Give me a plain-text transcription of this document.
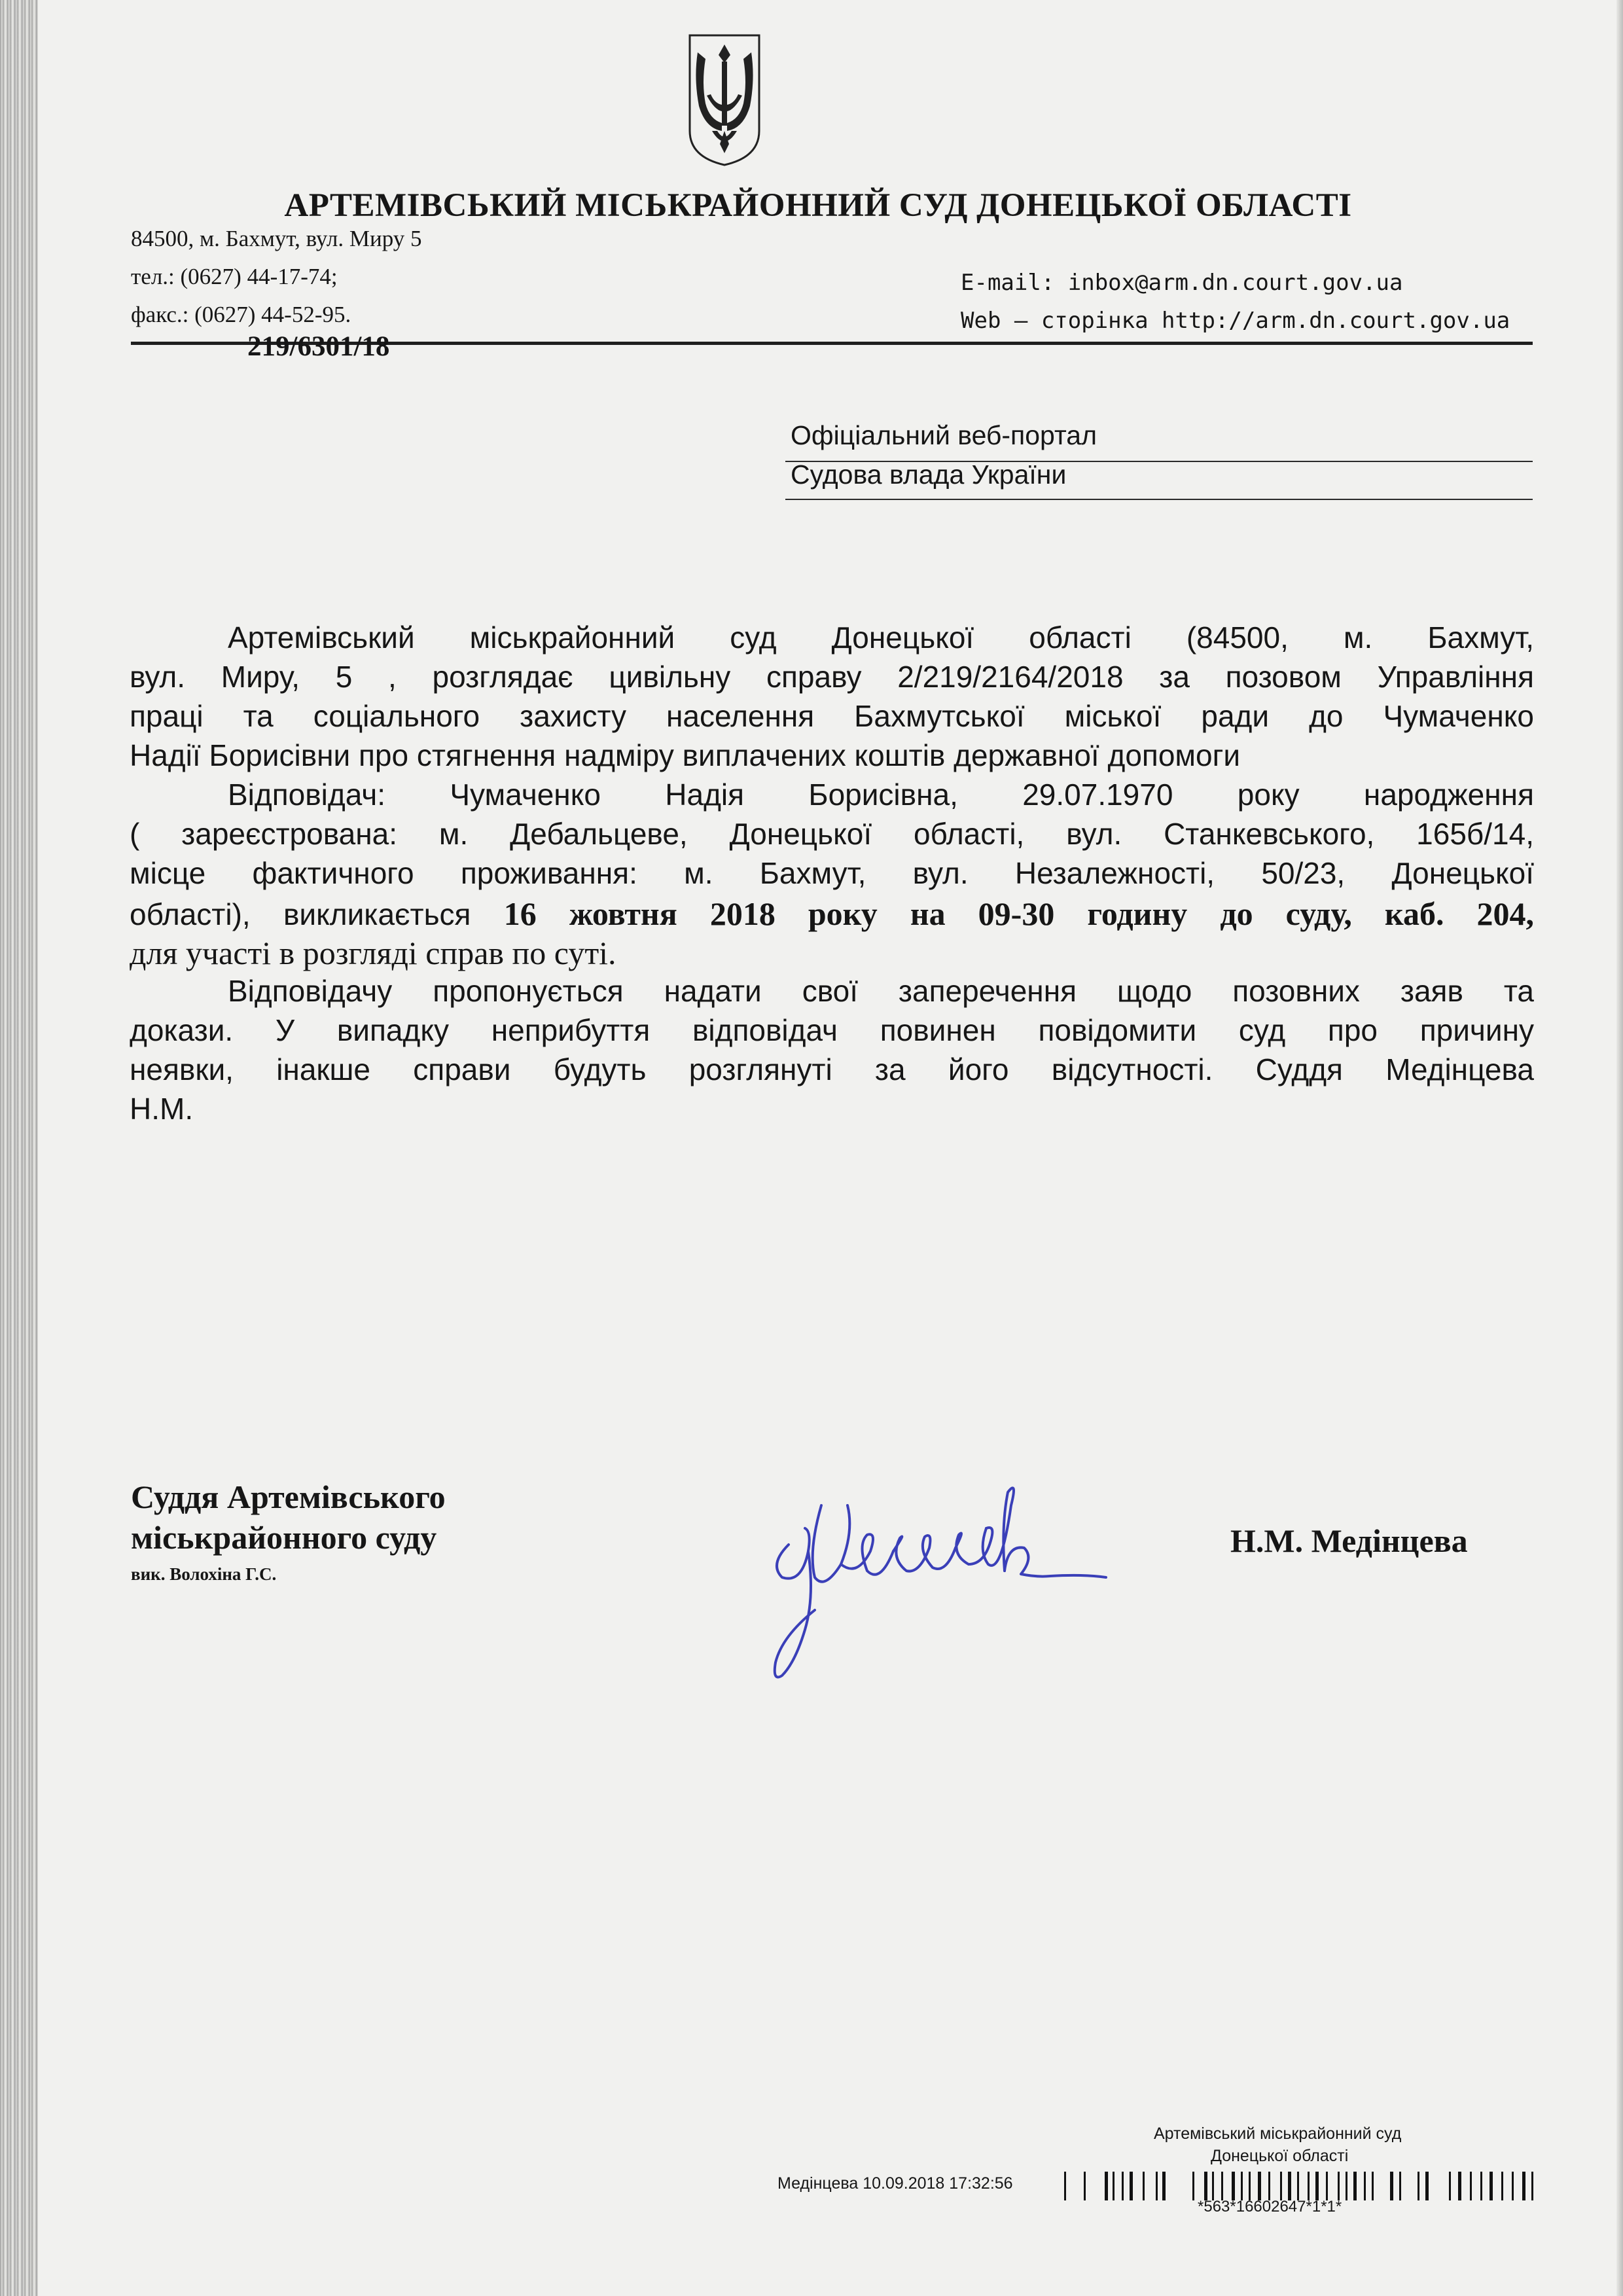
АРТЕМІВСЬКИЙ МІСЬКРАЙОННИЙ СУД ДОНЕЦЬКОЇ ОБЛАСТІ

84500, м. Бахмут, вул. Миру 5

тел.: (0627) 44-17-74;

факс.: (0627) 44-52-95.

E-mail: inbox@arm.dn.court.gov.ua

Web – сторінка http://arm.dn.court.gov.ua

219/6301/18

Офіціальний веб-портал

Судова влада України

Артемівський міськрайонний суд Донецької області (84500, м. Бахмут,

вул. Миру, 5 , розглядає цивільну справу 2/219/2164/2018 за позовом Управління

праці та соціального захисту населення Бахмутської міської ради до Чумаченко

Надії Борисівни про стягнення надміру виплачених коштів державної допомоги

Відповідач: Чумаченко Надія Борисівна, 29.07.1970 року народження

( зареєстрована: м. Дебальцеве, Донецької області, вул. Станкевського, 165б/14,

місце фактичного проживання: м. Бахмут, вул. Незалежності, 50/23, Донецької

області), викликається 16 жовтня 2018 року на 09-30 годину до суду, каб. 204,

для участі в розгляді справ по суті.

Відповідачу пропонується надати свої заперечення щодо позовних заяв та

докази. У випадку неприбуття відповідач повинен повідомити суд про причину

неявки, інакше справи будуть розглянуті за його відсутності. Суддя Медінцева

Н.М.

Суддя Артемівського

міськрайонного суду

вик. Волохіна Г.С.

Н.М. Медінцева

Артемівський міськрайонний суд

Донецької області

Медінцева 10.09.2018 17:32:56

*563*16602647*1*1*
